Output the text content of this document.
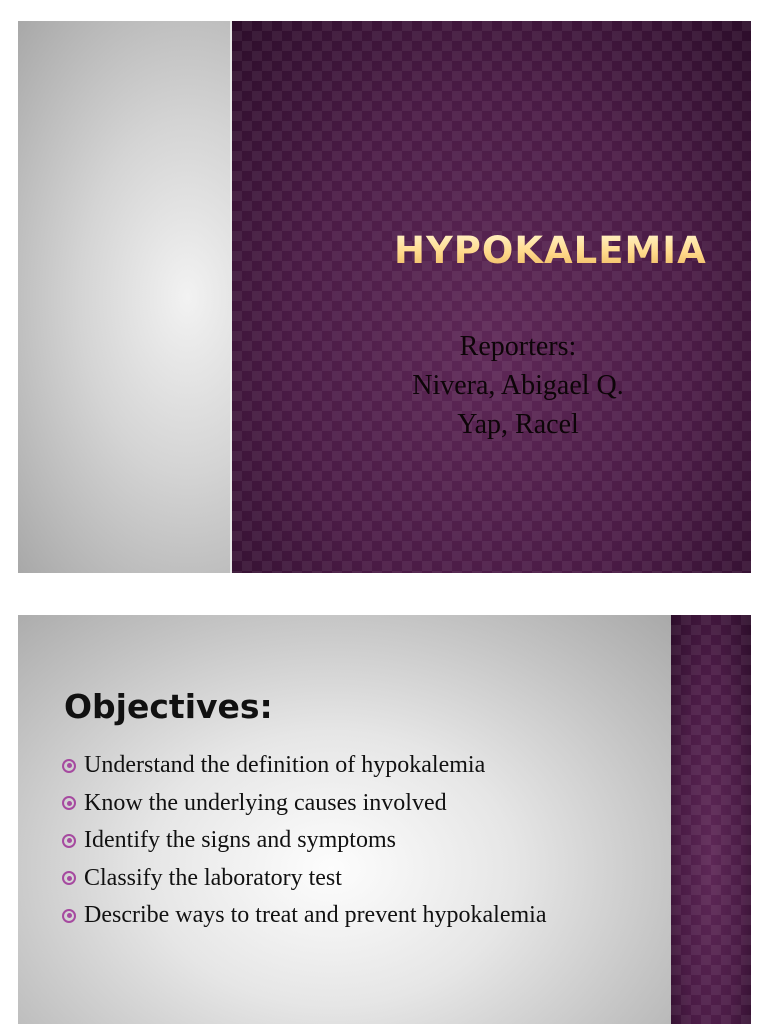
HYPOKALEMIA
Reporters:
Nivera, Abigael Q.
Yap, Racel
Objectives:
Understand the definition of hypokalemia
Know the underlying causes involved
Identify the signs and symptoms
Classify the laboratory test
Describe ways to treat and prevent hypokalemia
